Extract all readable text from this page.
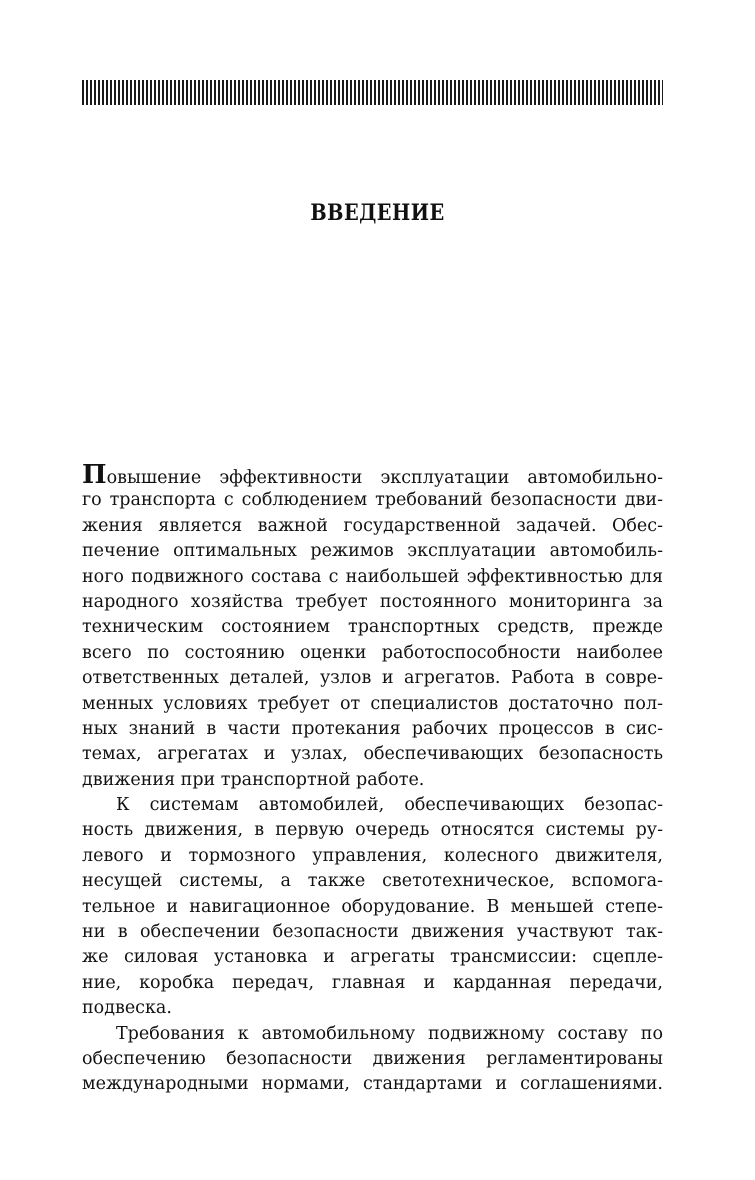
ВВЕДЕНИЕ
Повышение эффективности эксплуатации автомобильно-
го транспорта с соблюдением требований безопасности дви-
жения является важной государственной задачей. Обес-
печение оптимальных режимов эксплуатации автомобиль-
ного подвижного состава с наибольшей эффективностью для
народного хозяйства требует постоянного мониторинга за
техническим состоянием транспортных средств, прежде
всего по состоянию оценки работоспособности наиболее
ответственных деталей, узлов и агрегатов. Работа в совре-
менных условиях требует от специалистов достаточно пол-
ных знаний в части протекания рабочих процессов в сис-
темах, агрегатах и узлах, обеспечивающих безопасность
движения при транспортной работе.
К системам автомобилей, обеспечивающих безопас-
ность движения, в первую очередь относятся системы ру-
левого и тормозного управления, колесного движителя,
несущей системы, а также светотехническое, вспомога-
тельное и навигационное оборудование. В меньшей степе-
ни в обеспечении безопасности движения участвуют так-
же силовая установка и агрегаты трансмиссии: сцепле-
ние, коробка передач, главная и карданная передачи,
подвеска.
Требования к автомобильному подвижному составу по
обеспечению безопасности движения регламентированы
международными нормами, стандартами и соглашениями.
